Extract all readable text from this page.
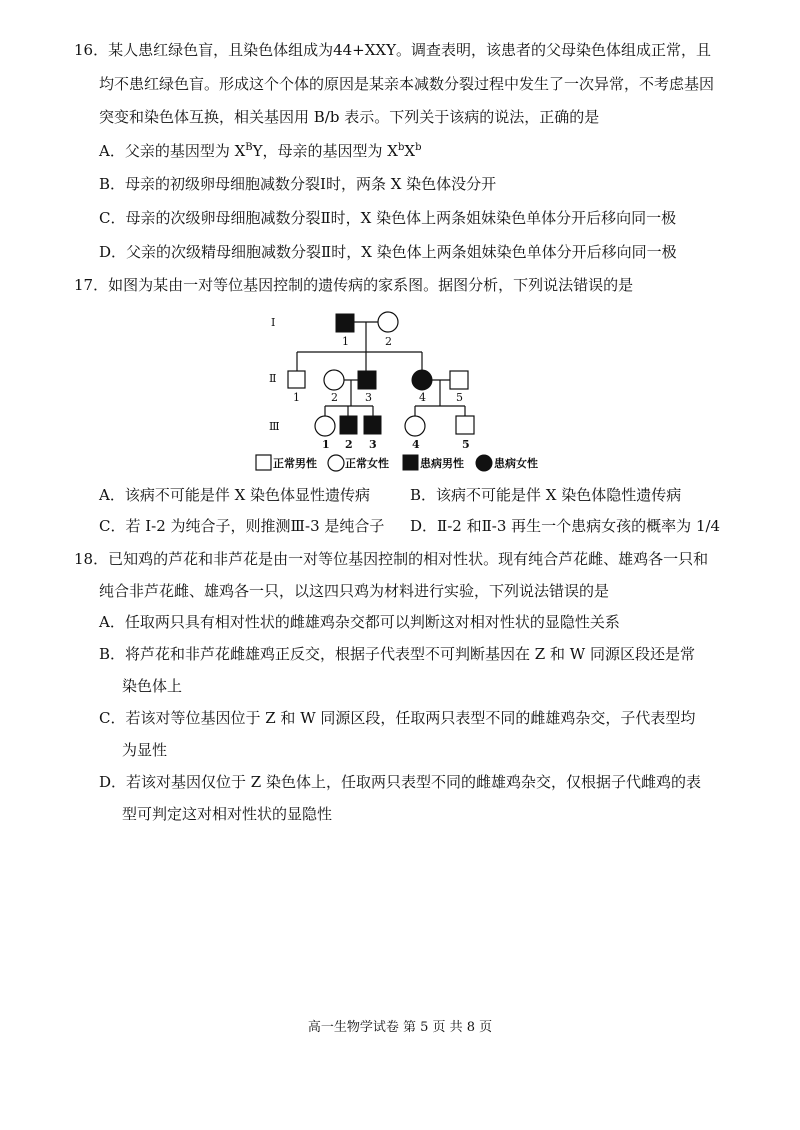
16．某人患红绿色盲，且染色体组成为44+XXY。调查表明，该患者的父母染色体组成正常，且
均不患红绿色盲。形成这个个体的原因是某亲本减数分裂过程中发生了一次异常，不考虑基因
突变和染色体互换，相关基因用 B/b 表示。下列关于该病的说法，正确的是
A．父亲的基因型为 $X^BY$，母亲的基因型为 $X^bX^b$
B．母亲的初级卵母细胞减数分裂Ⅰ时，两条 X 染色体没分开
C．母亲的次级卵母细胞减数分裂Ⅱ时，X 染色体上两条姐妹染色单体分开后移向同一极
D．父亲的次级精母细胞减数分裂Ⅱ时，X 染色体上两条姐妹染色单体分开后移向同一极
17．如图为某由一对等位基因控制的遗传病的家系图。据图分析，下列说法错误的是
Ⅰ
Ⅱ
Ⅲ
1	2
1	2 3	4	5
1 2 3	4	5
正常男性	正常女性	患病男性	患病女性
A．该病不可能是伴 X 染色体显性遗传病	B．该病不可能是伴 X 染色体隐性遗传病
C．若 I-2 为纯合子，则推测Ⅲ-3 是纯合子 D．Ⅱ-2 和Ⅱ-3 再生一个患病女孩的概率为 1/4
18．已知鸡的芦花和非芦花是由一对等位基因控制的相对性状。现有纯合芦花雌、雄鸡各一只和
纯合非芦花雌、雄鸡各一只，以这四只鸡为材料进行实验，下列说法错误的是
A．任取两只具有相对性状的雌雄鸡杂交都可以判断这对相对性状的显隐性关系
B．将芦花和非芦花雌雄鸡正反交，根据子代表型不可判断基因在 Z 和 W 同源区段还是常
染色体上
C．若该对等位基因位于 Z 和 W 同源区段，任取两只表型不同的雌雄鸡杂交，子代表型均
为显性
D．若该对基因仅位于 Z 染色体上，任取两只表型不同的雌雄鸡杂交，仅根据子代雌鸡的表
型可判定这对相对性状的显隐性
高一生物学试卷 第 5 页 共 8 页
